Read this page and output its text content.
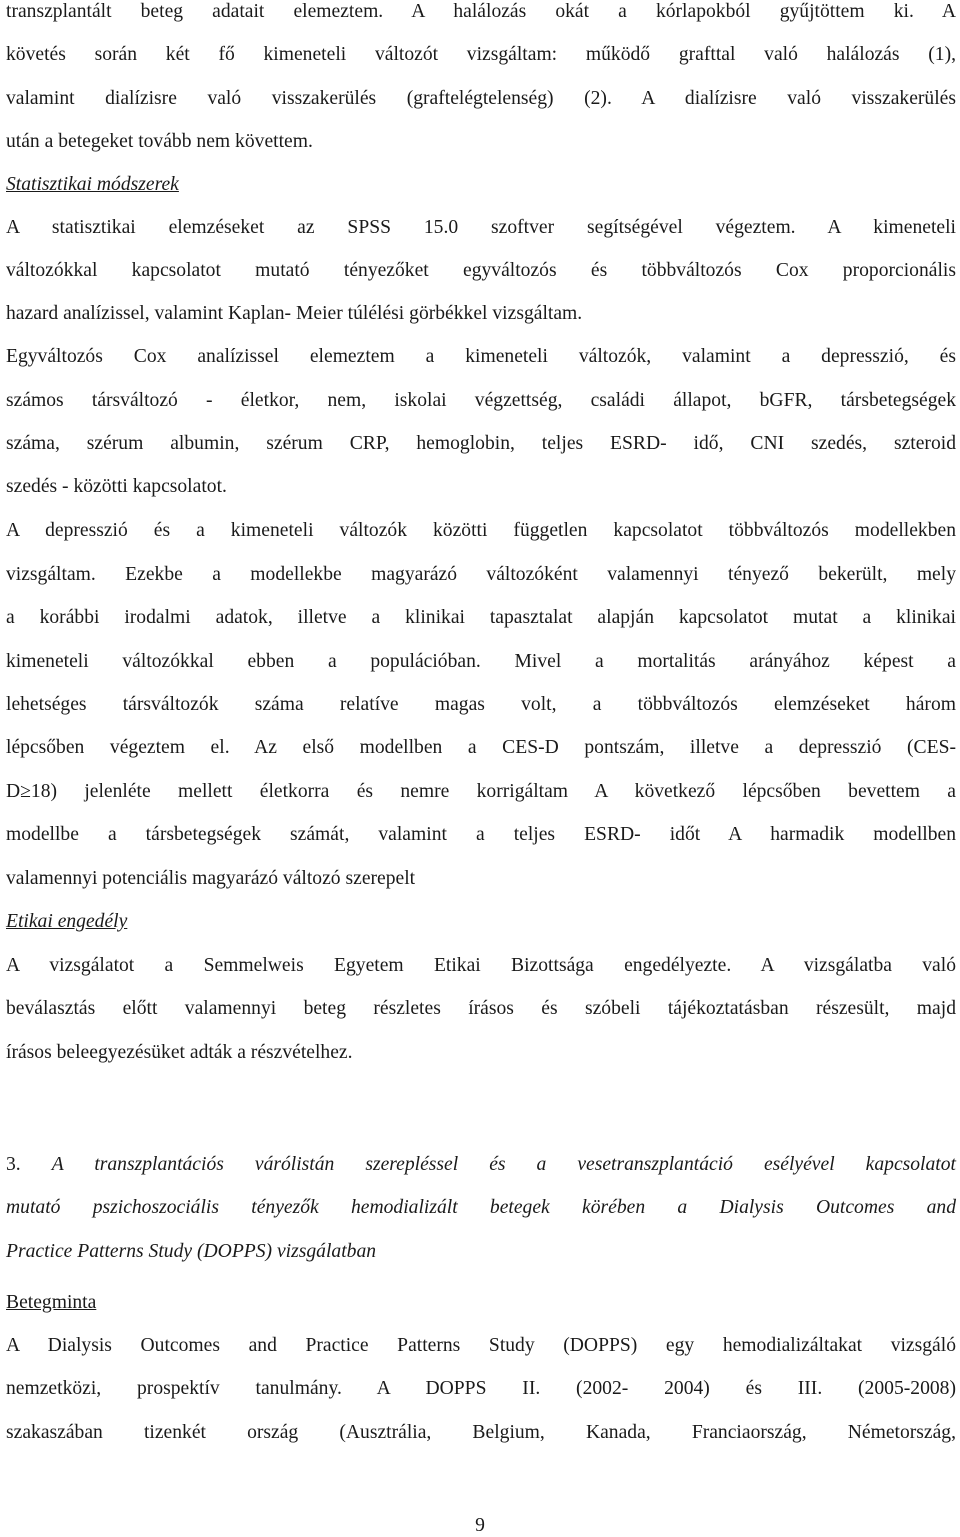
transzplantált beteg adatait elemeztem. A halálozás okát a kórlapokból gyűjtöttem ki. A
követés során két fő kimeneteli változót vizsgáltam: működő grafttal való halálozás (1),
valamint dialízisre való visszakerülés (graftelégtelenség) (2). A dialízisre való visszakerülés
után a betegeket tovább nem követtem.
Statisztikai módszerek
A statisztikai elemzéseket az SPSS 15.0 szoftver segítségével végeztem. A kimeneteli
változókkal kapcsolatot mutató tényezőket egyváltozós és többváltozós Cox proporcionális
hazard analízissel, valamint Kaplan- Meier túlélési görbékkel vizsgáltam.
Egyváltozós Cox analízissel elemeztem a kimeneteli változók, valamint a depresszió, és
számos társváltozó - életkor, nem, iskolai végzettség, családi állapot, bGFR, társbetegségek
száma, szérum albumin, szérum CRP, hemoglobin, teljes ESRD- idő, CNI szedés, szteroid
szedés - közötti kapcsolatot.
A depresszió és a kimeneteli változók közötti független kapcsolatot többváltozós modellekben
vizsgáltam. Ezekbe a modellekbe magyarázó változóként valamennyi tényező bekerült, mely
a korábbi irodalmi adatok, illetve a klinikai tapasztalat alapján kapcsolatot mutat a klinikai
kimeneteli változókkal ebben a populációban. Mivel a mortalitás arányához képest a
lehetséges társváltozók száma relatíve magas volt, a többváltozós elemzéseket három
lépcsőben végeztem el. Az első modellben a CES-D pontszám, illetve a depresszió (CES-
D≥18) jelenléte mellett életkorra és nemre korrigáltam A következő lépcsőben bevettem a
modellbe a társbetegségek számát, valamint a teljes ESRD- időt A harmadik modellben
valamennyi potenciális magyarázó változó szerepelt
Etikai engedély
A vizsgálatot a Semmelweis Egyetem Etikai Bizottsága engedélyezte. A vizsgálatba való
beválasztás előtt valamennyi beteg részletes írásos és szóbeli tájékoztatásban részesült, majd
írásos beleegyezésüket adták a részvételhez.
3. A transzplantációs várólistán szerepléssel és a vesetranszplantáció esélyével kapcsolatot
mutató pszichoszociális tényezők hemodializált betegek körében a Dialysis Outcomes and
Practice Patterns Study (DOPPS) vizsgálatban
Betegminta
A Dialysis Outcomes and Practice Patterns Study (DOPPS) egy hemodializáltakat vizsgáló
nemzetközi, prospektív tanulmány. A DOPPS II. (2002- 2004) és III. (2005-2008)
szakaszában tizenkét ország (Ausztrália, Belgium, Kanada, Franciaország, Németország,
9
